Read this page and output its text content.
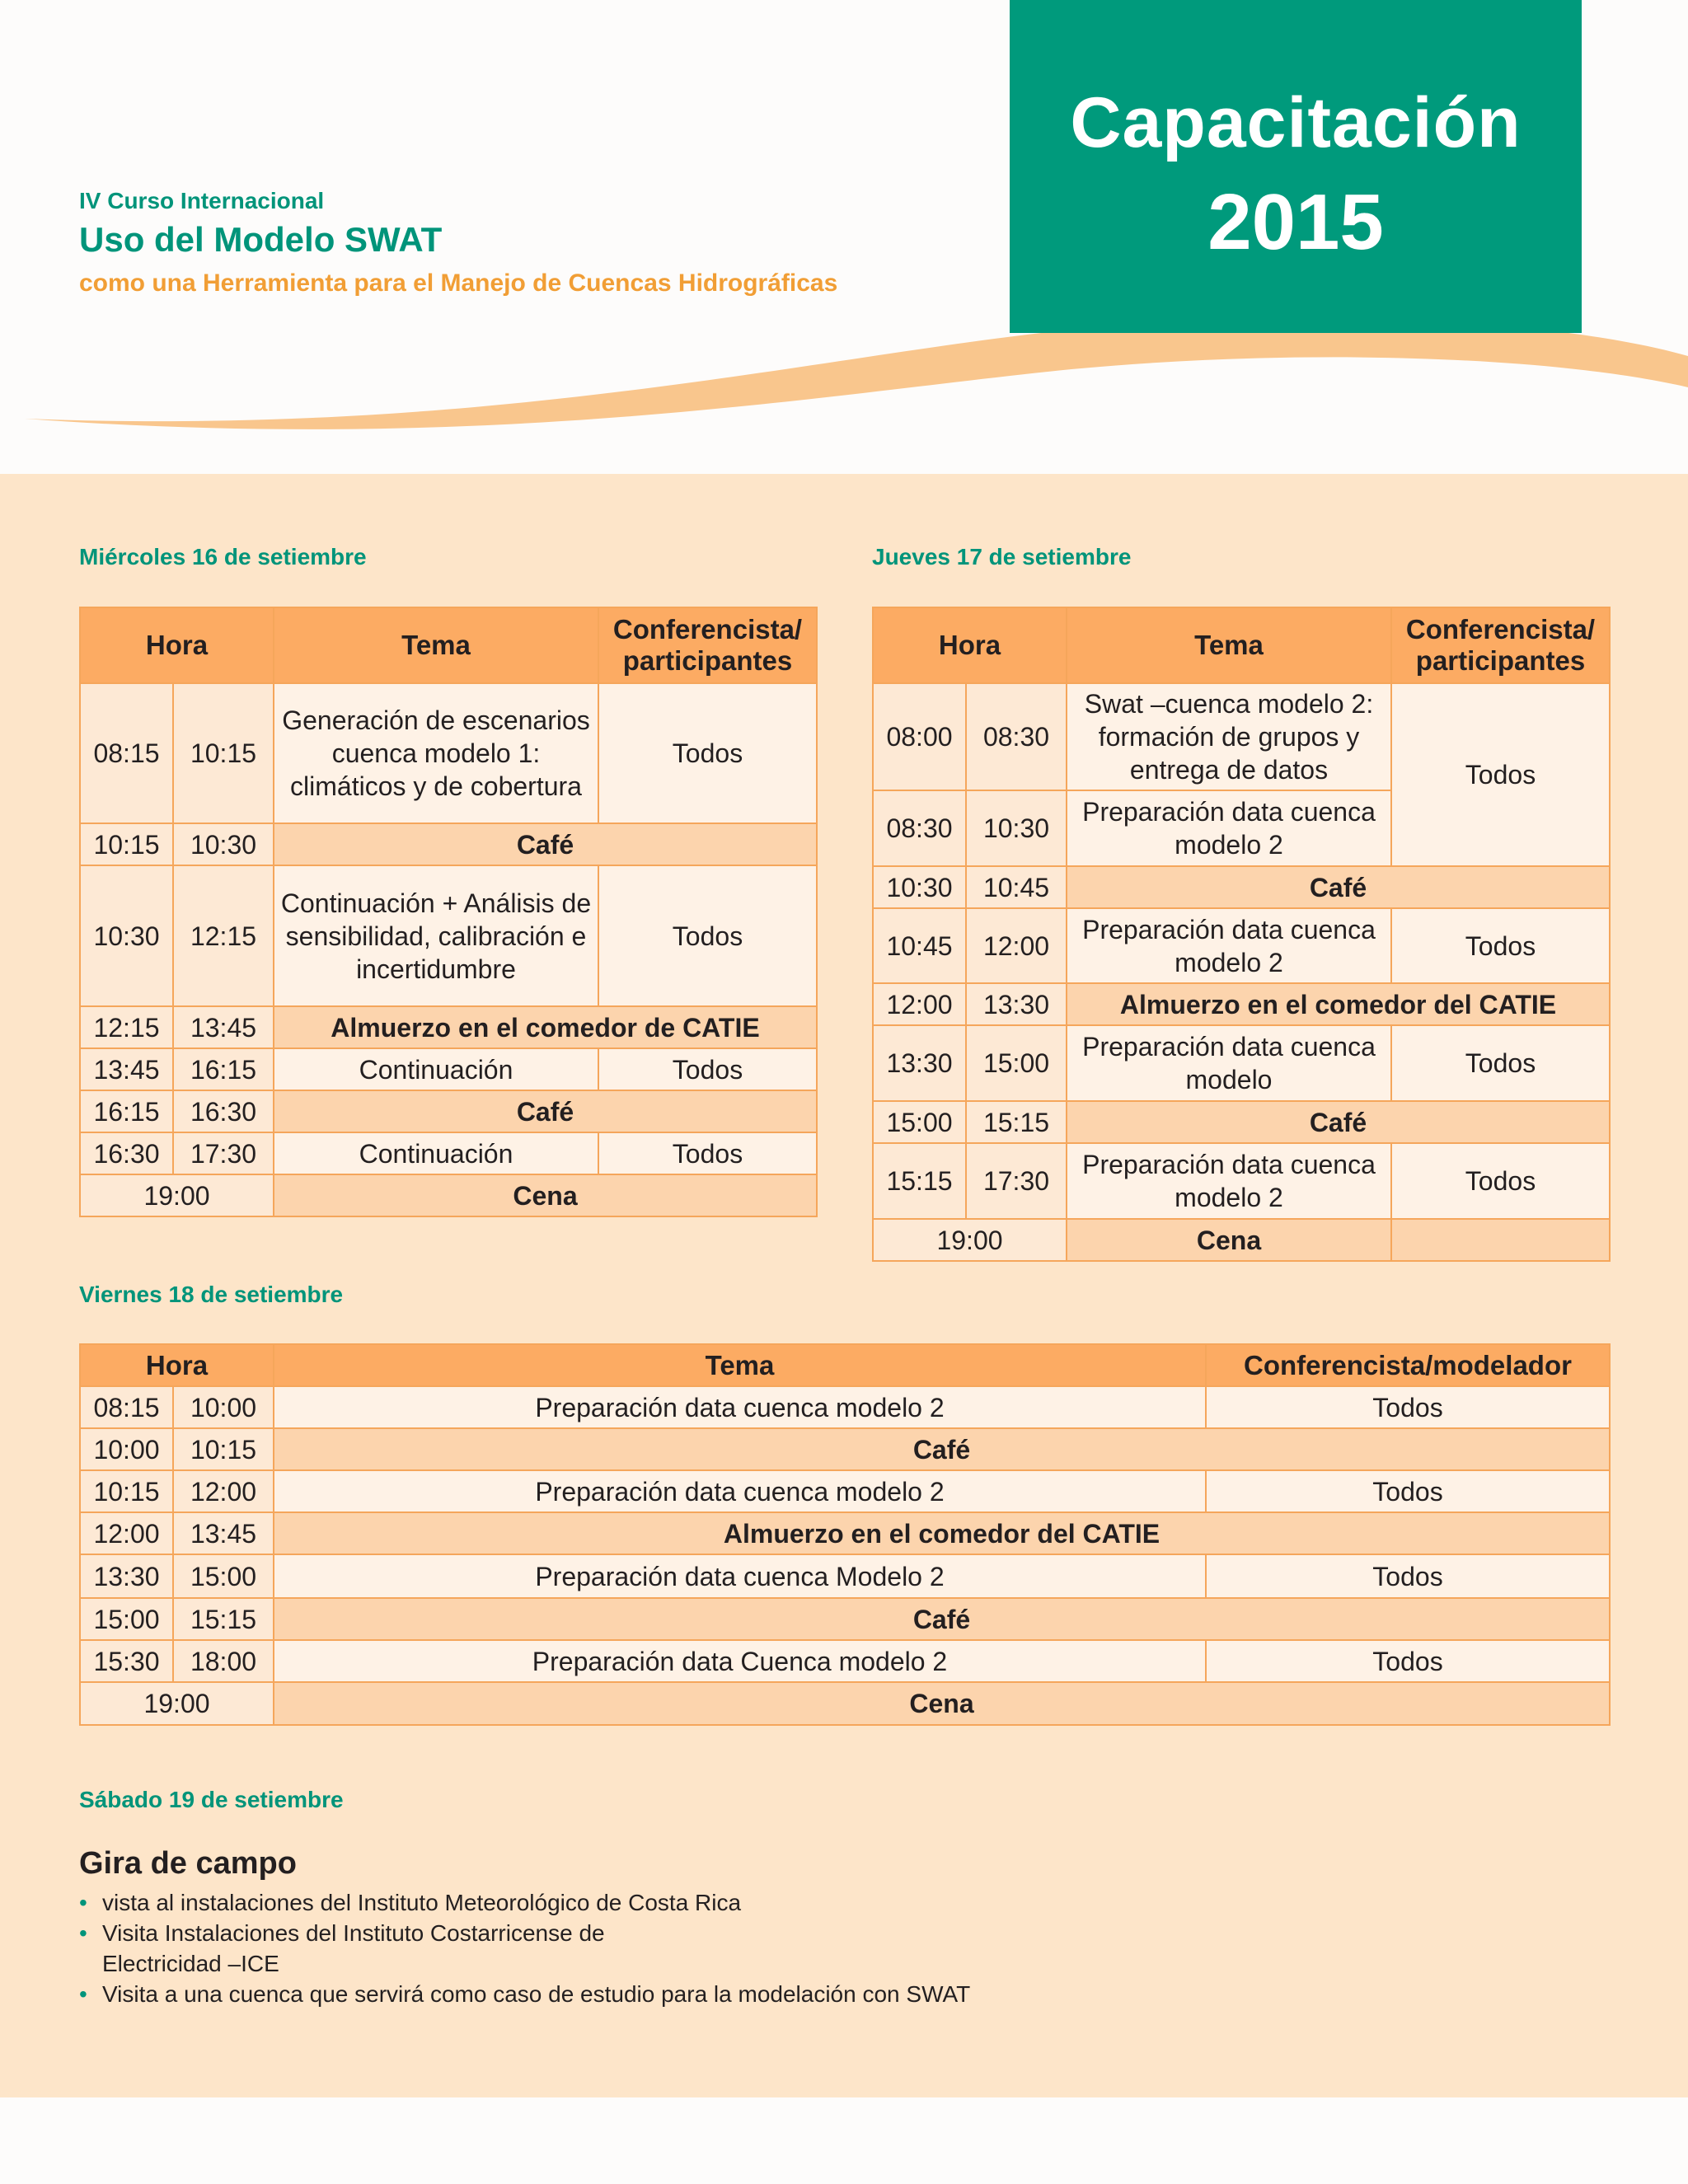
Capacitación
2015
IV Curso Internacional
Uso del Modelo SWAT
como una Herramienta para el Manejo de Cuencas Hidrográficas
Miércoles 16 de setiembre
Hora		Tema	Conferencista/ participantes
08:15	10:15	Generación de escenarios cuenca modelo 1: climáticos y de cobertura	Todos
10:15	10:30	Café	
10:30	12:15	Continuación + Análisis de sensibilidad, calibración e incertidumbre	Todos
12:15	13:45	Almuerzo en el comedor de CATIE	
13:45	16:15	Continuación	Todos
16:15	16:30	Café	
16:30	17:30	Continuación	Todos
19:00		Cena	
Jueves 17 de setiembre
Hora		Tema	Conferencista/ participantes
08:00	08:30	Swat –cuenca modelo 2: formación de grupos y entrega de datos	Todos
08:30	10:30	Preparación data cuenca modelo 2	
10:30	10:45	Café	
10:45	12:00	Preparación data cuenca modelo 2	Todos
12:00	13:30	Almuerzo en el comedor del CATIE	
13:30	15:00	Preparación data cuenca modelo	Todos
15:00	15:15	Café	
15:15	17:30	Preparación data cuenca modelo 2	Todos
19:00		Cena	
Viernes 18 de setiembre
Hora		Tema	Conferencista/modelador
08:15	10:00	Preparación data cuenca modelo 2	Todos
10:00	10:15	Café	
10:15	12:00	Preparación data cuenca modelo 2	Todos
12:00	13:45	Almuerzo en el comedor del CATIE	
13:30	15:00	Preparación data cuenca Modelo 2	Todos
15:00	15:15	Café	
15:30	18:00	Preparación data Cuenca modelo 2	Todos
19:00		Cena	
Sábado 19 de setiembre
Gira de campo
• vista al instalaciones del Instituto Meteorológico de Costa Rica
• Visita Instalaciones del Instituto Costarricense de Electricidad –ICE
• Visita a una cuenca que servirá como caso de estudio para la modelación con SWAT
